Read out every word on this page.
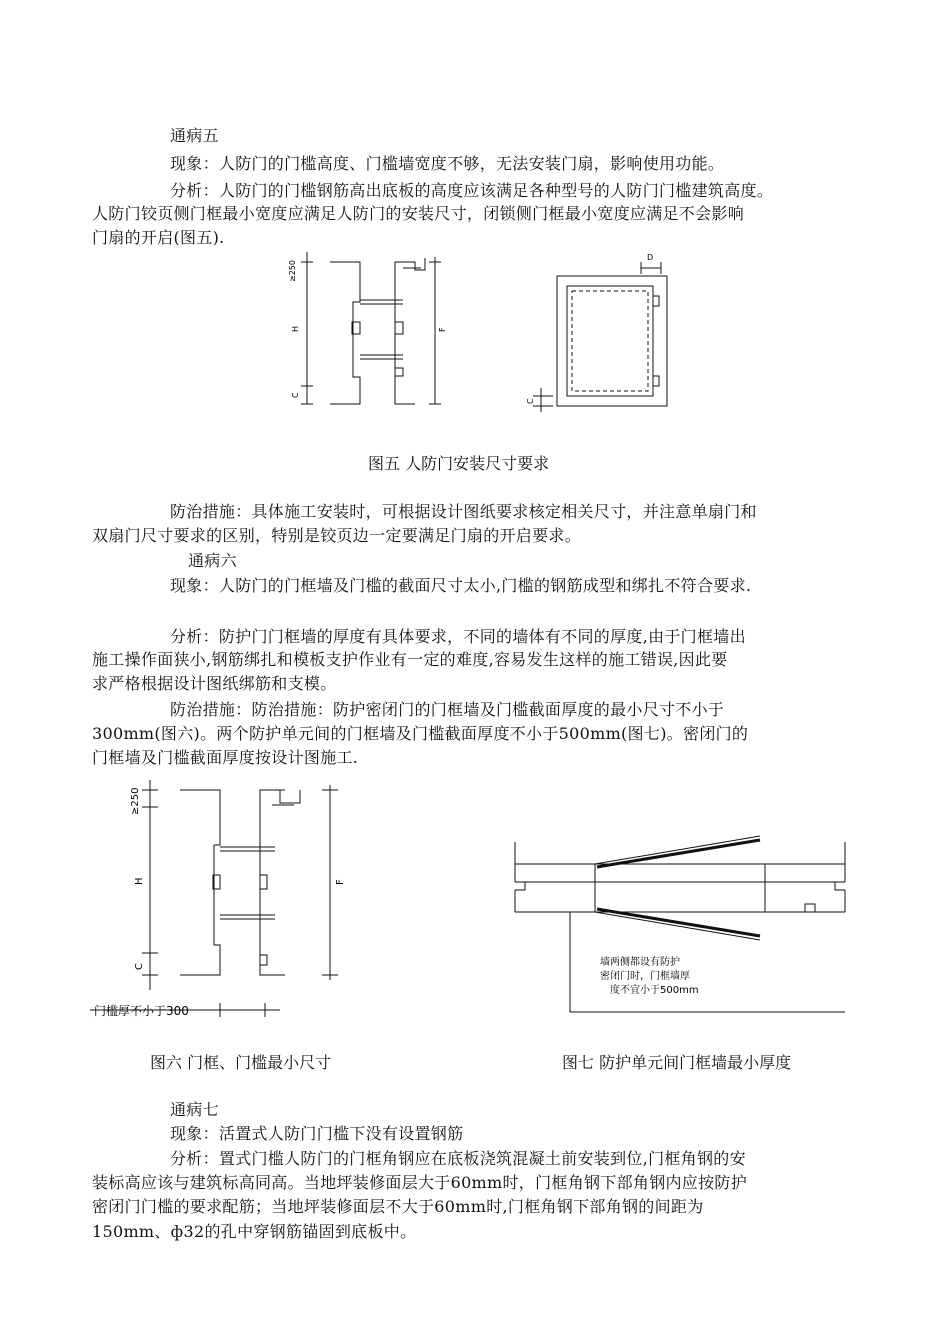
通病五
现象：人防门的门槛高度、门槛墙宽度不够，无法安装门扇，影响使用功能。
分析：人防门的门槛钢筋高出底板的高度应该满足各种型号的人防门门槛建筑高度。
人防门铰页侧门框最小宽度应满足人防门的安装尺寸，闭锁侧门框最小宽度应满足不会影响
门扇的开启(图五).
≥250
H	F
C
D
C
图五 人防门安装尺寸要求
防治措施：具体施工安装时，可根据设计图纸要求核定相关尺寸，并注意单扇门和
双扇门尺寸要求的区别，特别是铰页边一定要满足门扇的开启要求。
通病六
现象：人防门的门框墙及门槛的截面尺寸太小,门槛的钢筋成型和绑扎不符合要求.
分析：防护门门框墙的厚度有具体要求，不同的墙体有不同的厚度,由于门框墙出
施工操作面狭小,钢筋绑扎和模板支护作业有一定的难度,容易发生这样的施工错误,因此要
求严格根据设计图纸绑筋和支模。
防治措施：防治措施：防护密闭门的门框墙及门槛截面厚度的最小尺寸不小于
300mm(图六)。两个防护单元间的门框墙及门槛截面厚度不小于500mm(图七)。密闭门的
门框墙及门槛截面厚度按设计图施工.
≥250
H	F
C
门槛厚不小于300
墙两侧都设有防护
密闭门时，门框墙厚
度不宜小于500mm
图六 门框、门槛最小尺寸	图七 防护单元间门框墙最小厚度
通病七
现象：活置式人防门门槛下没有设置钢筋
分析：置式门槛人防门的门框角钢应在底板浇筑混凝土前安装到位,门框角钢的安
装标高应该与建筑标高同高。当地坪装修面层大于60mm时，门框角钢下部角钢内应按防护
密闭门门槛的要求配筋；当地坪装修面层不大于60mm时,门框角钢下部角钢的间距为
150mm、ф32的孔中穿钢筋锚固到底板中。
